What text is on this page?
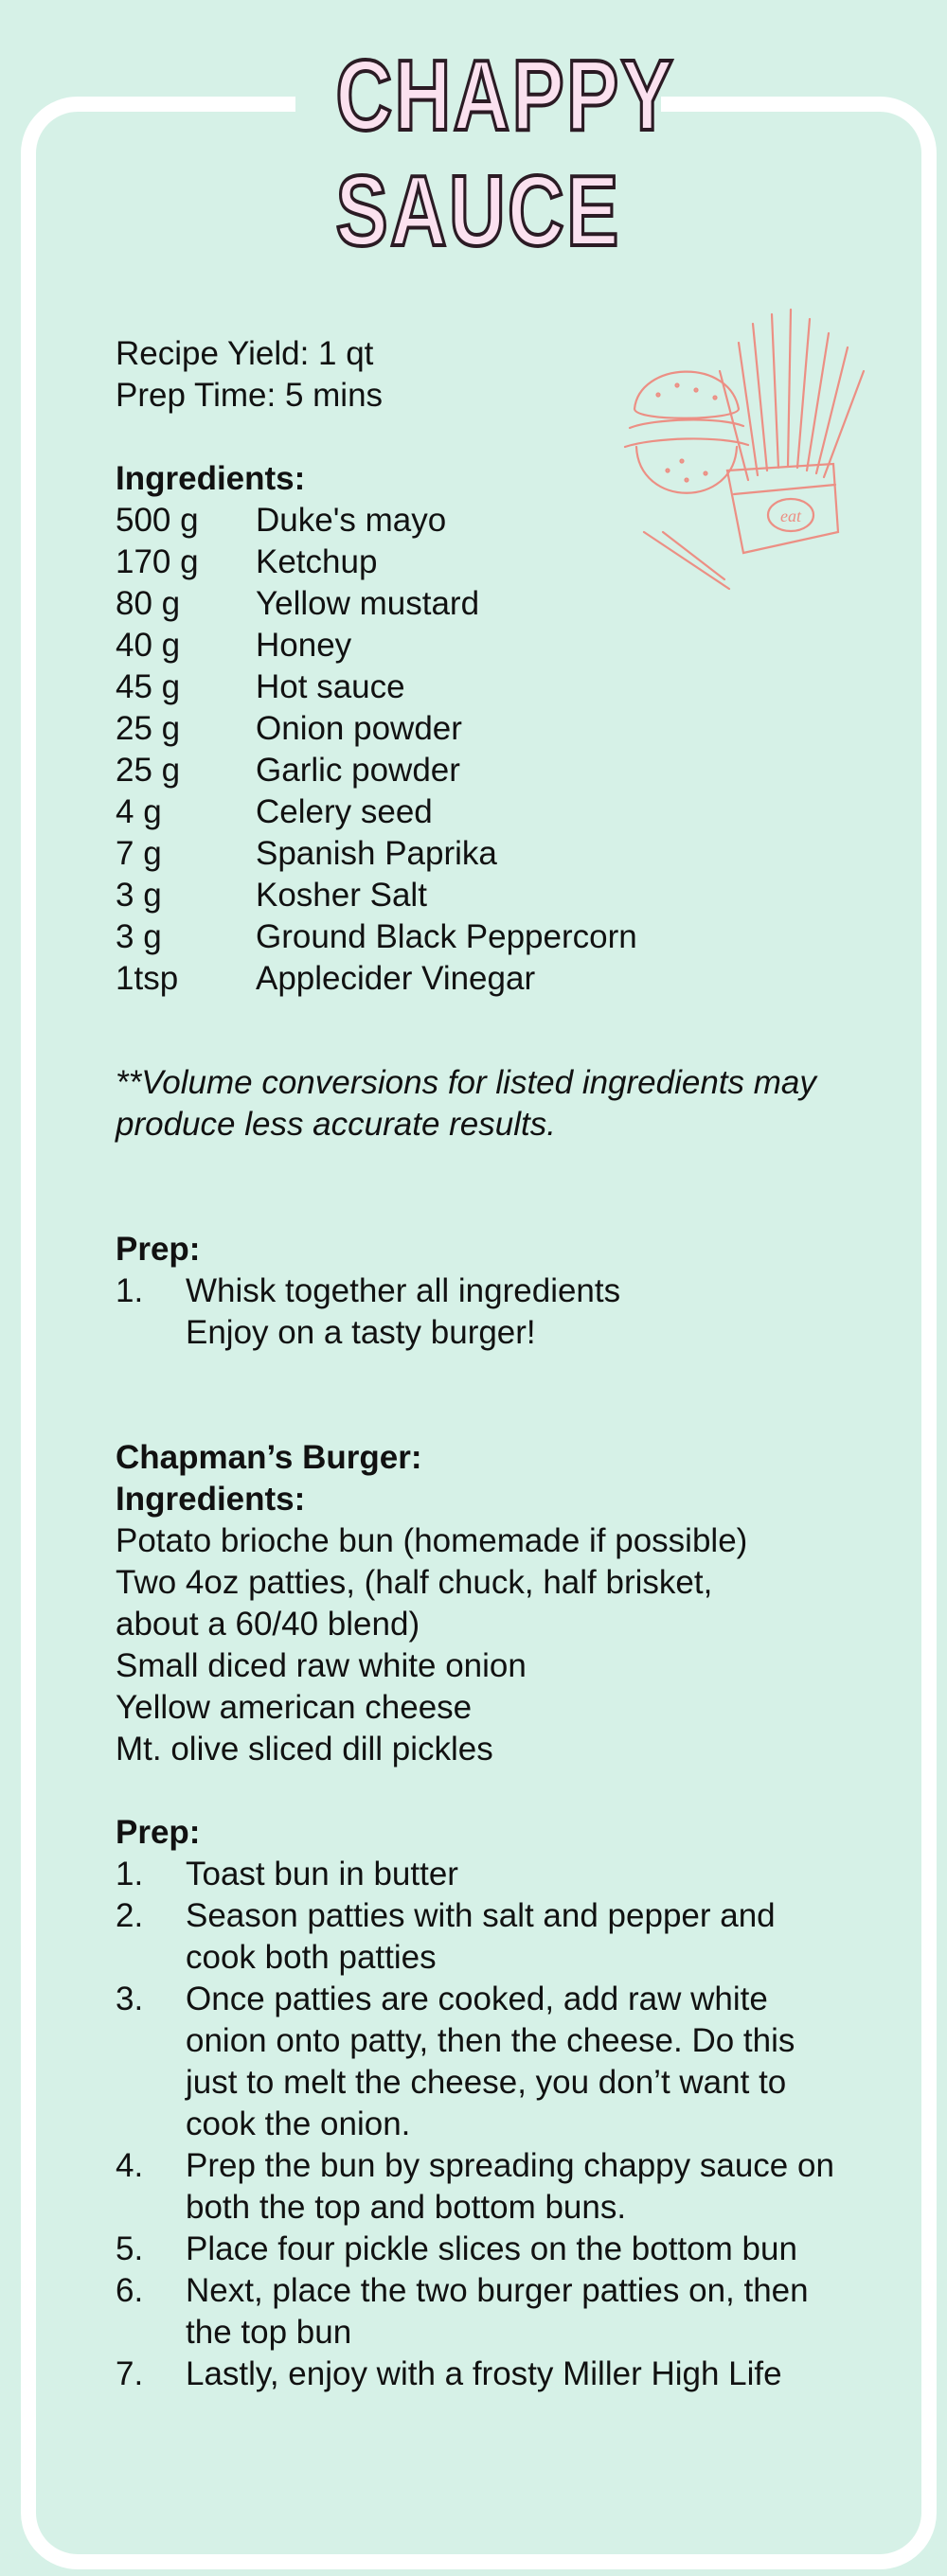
CHAPPY
SAUCE
eat
Recipe Yield: 1 qt
Prep Time: 5 mins
Ingredients:
500 g	Duke's mayo
170 g	Ketchup
80 g	Yellow mustard
40 g	Honey
45 g	Hot sauce
25 g	Onion powder
25 g	Garlic powder
4 g	Celery seed
7 g	Spanish Paprika
3 g	Kosher Salt
3 g	Ground Black Peppercorn
1tsp	Applecider Vinegar
**Volume conversions for listed ingredients may
produce less accurate results.
Prep:
1.	Whisk together all ingredients
Enjoy on a tasty burger!
Chapman’s Burger:
Ingredients:
Potato brioche bun (homemade if possible)
Two 4oz patties, (half chuck, half brisket,
about a 60/40 blend)
Small diced raw white onion
Yellow american cheese
Mt. olive sliced dill pickles
Prep:
1.	Toast bun in butter
2.	Season patties with salt and pepper and cook both patties
3.	Once patties are cooked, add raw white onion onto patty, then the cheese. Do this just to melt the cheese, you don’t want to cook the onion.
4.	Prep the bun by spreading chappy sauce on both the top and bottom buns.
5.	Place four pickle slices on the bottom bun
6.	Next, place the two burger patties on, then the top bun
7.	Lastly, enjoy with a frosty Miller High Life
